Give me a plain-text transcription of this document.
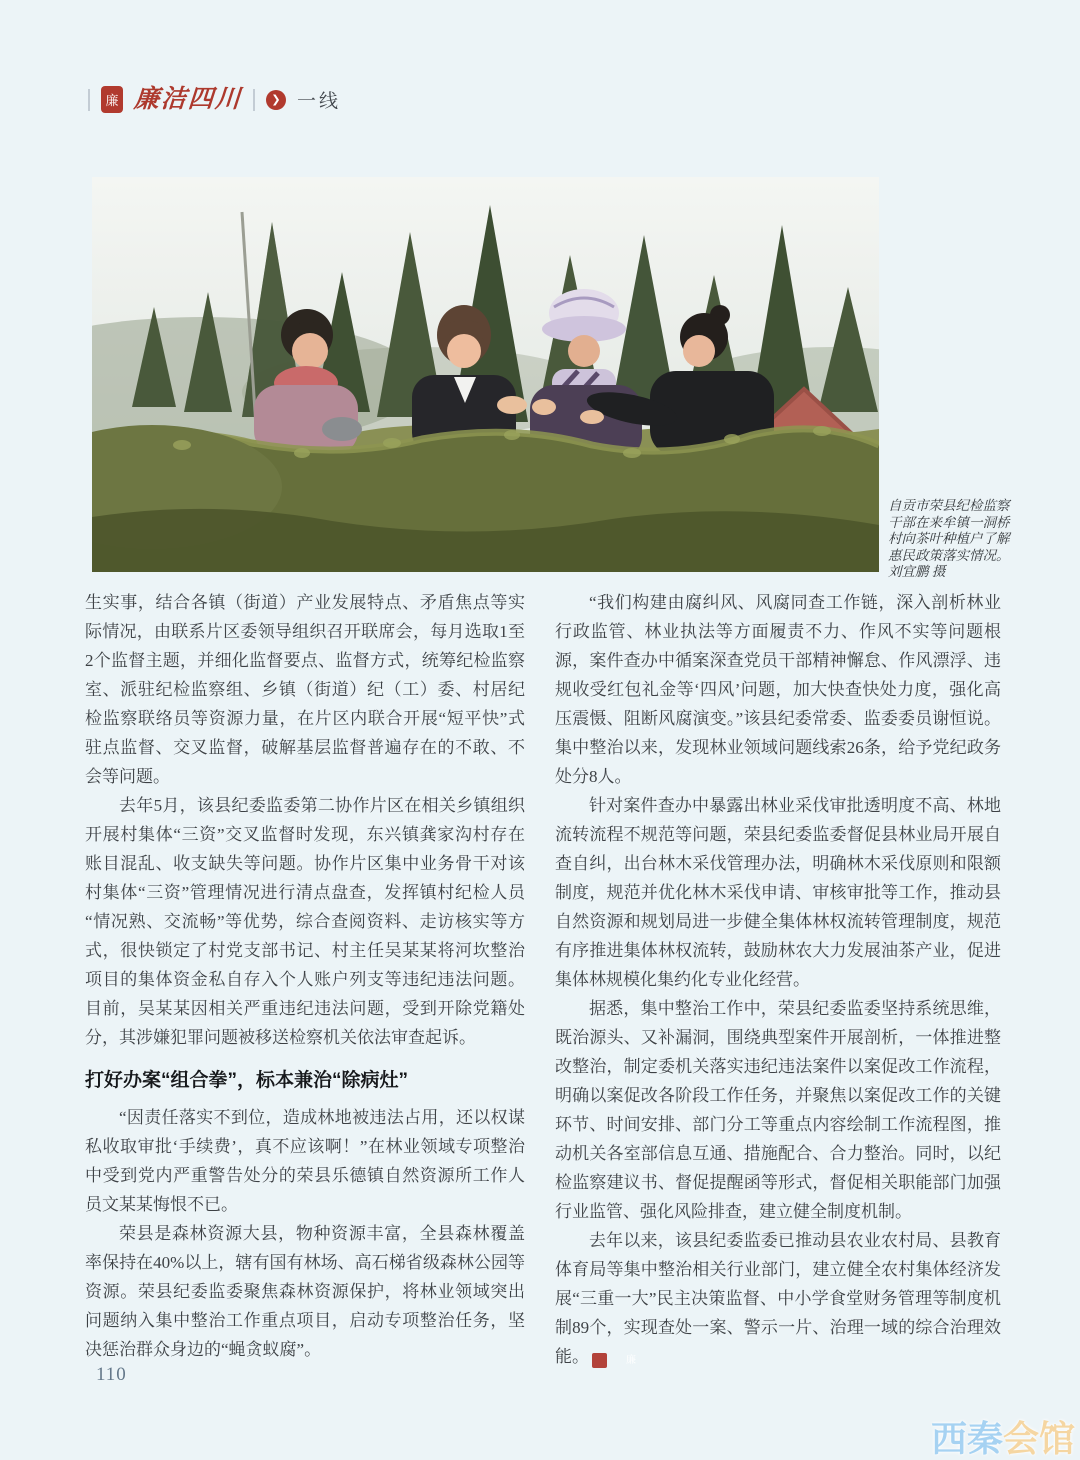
廉 廉洁四川	❯ 一线
自贡市荣县纪检监察
干部在来牟镇一洞桥
村向茶叶种植户了解
惠民政策落实情况。
刘宜鹏 摄

生实事，结合各镇（街道）产业发展特点、矛盾焦点等实际情况，由联系片区委领导组织召开联席会，每月选取1至2个监督主题，并细化监督要点、监督方式，统筹纪检监察室、派驻纪检监察组、乡镇（街道）纪（工）委、村居纪检监察联络员等资源力量，在片区内联合开展“短平快”式驻点监督、交叉监督，破解基层监督普遍存在的不敢、不会等问题。

去年5月，该县纪委监委第二协作片区在相关乡镇组织开展村集体“三资”交叉监督时发现，东兴镇龚家沟村存在账目混乱、收支缺失等问题。协作片区集中业务骨干对该村集体“三资”管理情况进行清点盘查，发挥镇村纪检人员“情况熟、交流畅”等优势，综合查阅资料、走访核实等方式，很快锁定了村党支部书记、村主任吴某某将河坎整治项目的集体资金私自存入个人账户列支等违纪违法问题。目前，吴某某因相关严重违纪违法问题，受到开除党籍处分，其涉嫌犯罪问题被移送检察机关依法审查起诉。

打好办案“组合拳”，标本兼治“除病灶”

“因责任落实不到位，造成林地被违法占用，还以权谋私收取审批‘手续费’，真不应该啊！”在林业领域专项整治中受到党内严重警告处分的荣县乐德镇自然资源所工作人员文某某悔恨不已。

荣县是森林资源大县，物种资源丰富，全县森林覆盖率保持在40%以上，辖有国有林场、高石梯省级森林公园等资源。荣县纪委监委聚焦森林资源保护，将林业领域突出问题纳入集中整治工作重点项目，启动专项整治任务，坚决惩治群众身边的“蝇贪蚁腐”。

“我们构建由腐纠风、风腐同查工作链，深入剖析林业行政监管、林业执法等方面履责不力、作风不实等问题根源，案件查办中循案深查党员干部精神懈怠、作风漂浮、违规收受红包礼金等‘四风’问题，加大快查快处力度，强化高压震慑、阻断风腐演变。”该县纪委常委、监委委员谢恒说。集中整治以来，发现林业领域问题线索26条，给予党纪政务处分8人。

针对案件查办中暴露出林业采伐审批透明度不高、林地流转流程不规范等问题，荣县纪委监委督促县林业局开展自查自纠，出台林木采伐管理办法，明确林木采伐原则和限额制度，规范并优化林木采伐申请、审核审批等工作，推动县自然资源和规划局进一步健全集体林权流转管理制度，规范有序推进集体林权流转，鼓励林农大力发展油茶产业，促进集体林规模化集约化专业化经营。

据悉，集中整治工作中，荣县纪委监委坚持系统思维，既治源头、又补漏洞，围绕典型案件开展剖析，一体推进整改整治，制定委机关落实违纪违法案件以案促改工作流程，明确以案促改各阶段工作任务，并聚焦以案促改工作的关键环节、时间安排、部门分工等重点内容绘制工作流程图，推动机关各室部信息互通、措施配合、合力整治。同时，以纪检监察建议书、督促提醒函等形式，督促相关职能部门加强行业监管、强化风险排查，建立健全制度机制。

去年以来，该县纪委监委已推动县农业农村局、县教育体育局等集中整治相关行业部门，建立健全农村集体经济发展“三重一大”民主决策监督、中小学食堂财务管理等制度机制89个，实现查处一案、警示一片、治理一域的综合治理效能。	廉

110
西秦会馆
